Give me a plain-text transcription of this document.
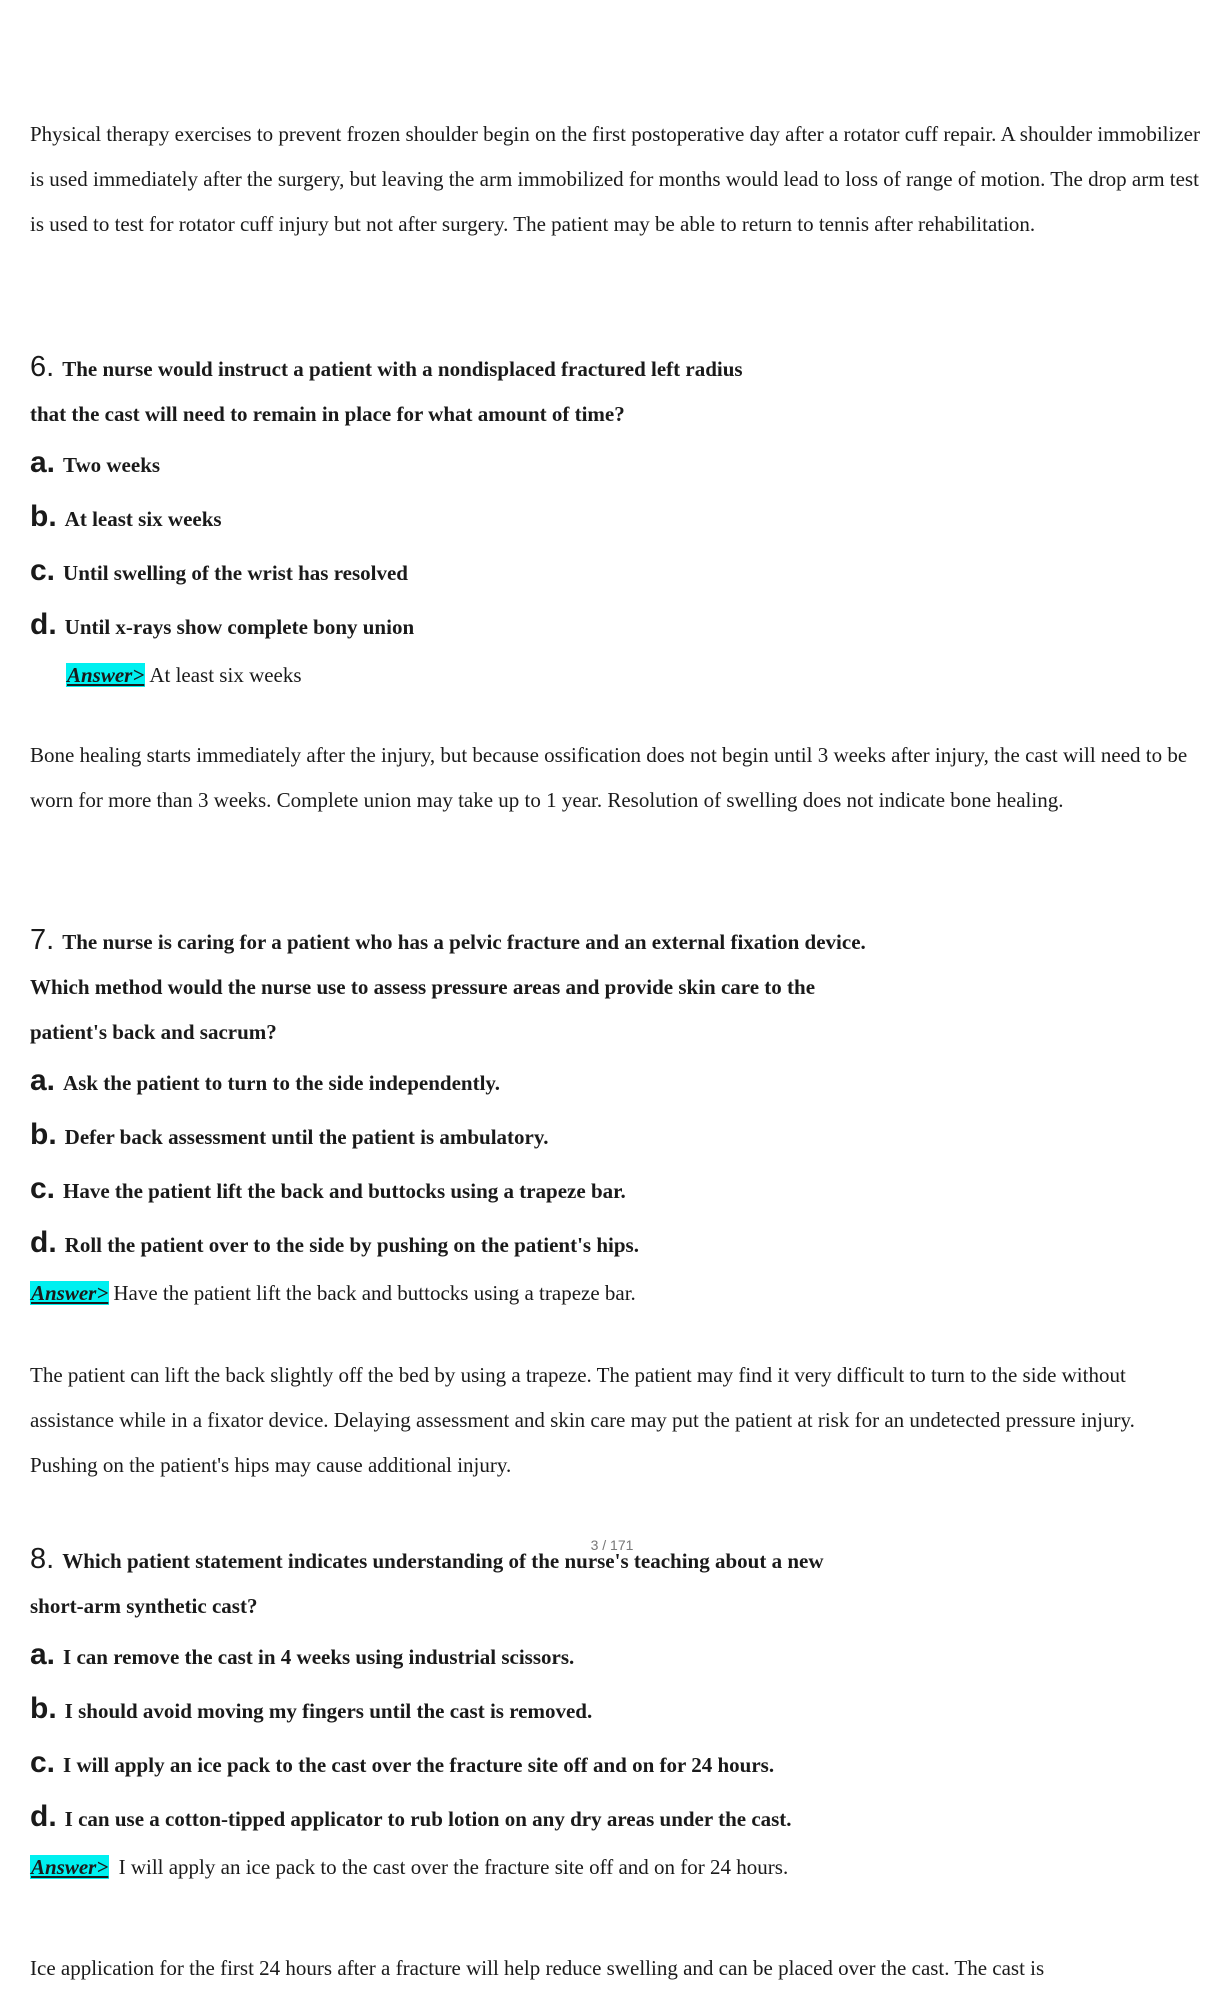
Physical therapy exercises to prevent frozen shoulder begin on the first postoperative day after a rotator cuff repair. A shoulder immobilizer is used immediately after the surgery, but leaving the arm immobilized for months would lead to loss of range of motion. The drop arm test is used to test for rotator cuff injury but not after surgery. The patient may be able to return to tennis after rehabilitation.
6. The nurse would instruct a patient with a nondisplaced fractured left radius
that the cast will need to remain in place for what amount of time?
a. Two weeks
b. At least six weeks
c. Until swelling of the wrist has resolved
d. Until x-rays show complete bony union
Answer> At least six weeks
Bone healing starts immediately after the injury, but because ossification does not begin until 3 weeks after injury, the cast will need to be worn for more than 3 weeks. Complete union may take up to 1 year. Resolution of swelling does not indicate bone healing.
7. The nurse is caring for a patient who has a pelvic fracture and an external fixation device.
Which method would the nurse use to assess pressure areas and provide skin care to the
patient's back and sacrum?
a. Ask the patient to turn to the side independently.
b. Defer back assessment until the patient is ambulatory.
c. Have the patient lift the back and buttocks using a trapeze bar.
d. Roll the patient over to the side by pushing on the patient's hips.
Answer> Have the patient lift the back and buttocks using a trapeze bar.
The patient can lift the back slightly off the bed by using a trapeze. The patient may find it very difficult to turn to the side without assistance while in a fixator device. Delaying assessment and skin care may put the patient at risk for an undetected pressure injury. Pushing on the patient's hips may cause additional injury.
8. Which patient statement indicates understanding of the nurse's teaching about a new
short-arm synthetic cast?
a. I can remove the cast in 4 weeks using industrial scissors.
b. I should avoid moving my fingers until the cast is removed.
c. I will apply an ice pack to the cast over the fracture site off and on for 24 hours.
d. I can use a cotton-tipped applicator to rub lotion on any dry areas under the cast.
Answer> I will apply an ice pack to the cast over the fracture site off and on for 24 hours.
Ice application for the first 24 hours after a fracture will help reduce swelling and can be placed over the cast. The cast is
3 / 171
